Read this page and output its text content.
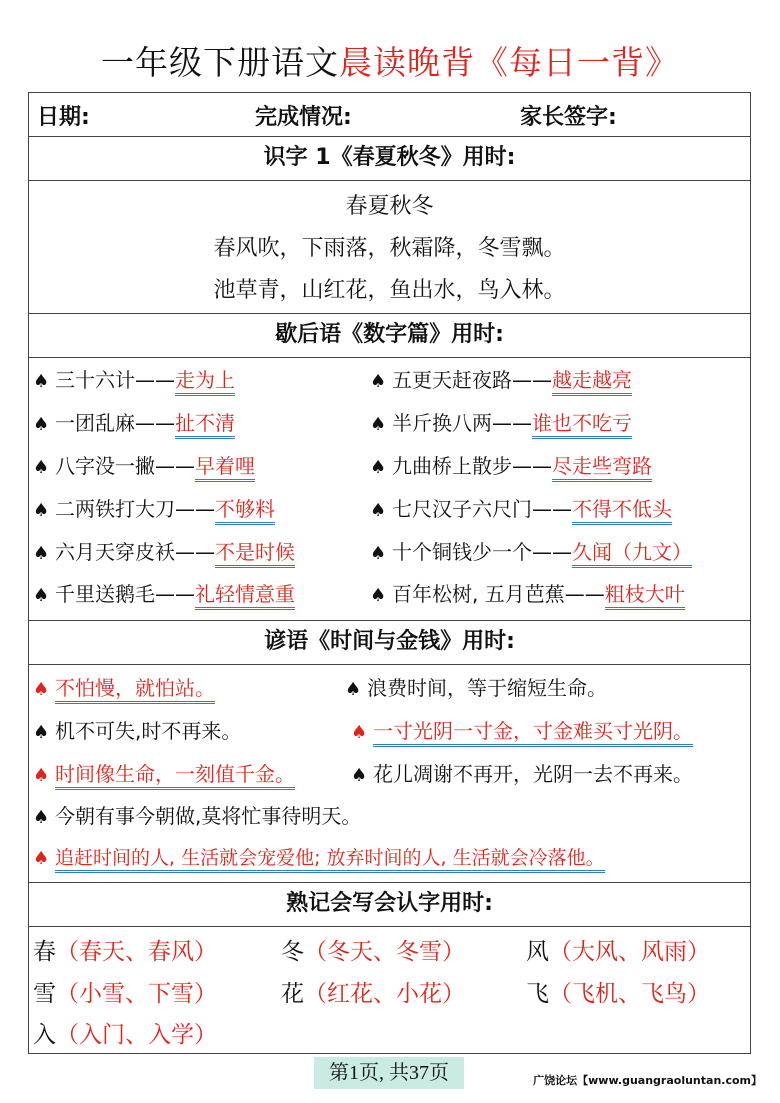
一年级下册语文晨读晚背《每日一背》
日期:	完成情况:	家长签字:
识字 1《春夏秋冬》用时:
春夏秋冬
春风吹，下雨落，秋霜降，冬雪飘。
池草青，山红花，鱼出水，鸟入林。
歇后语《数字篇》用时:
♠ 三十六计——走为上	♠ 五更天赶夜路——越走越亮
♠ 一团乱麻——扯不清	♠ 半斤换八两——谁也不吃亏
♠ 八字没一撇——早着哩	♠ 九曲桥上散步——尽走些弯路
♠ 二两铁打大刀——不够料	♠ 七尺汉子六尺门——不得不低头
♠ 六月天穿皮袄——不是时候	♠ 十个铜钱少一个——久闻（九文）
♠ 千里送鹅毛——礼轻情意重	♠ 百年松树, 五月芭蕉——粗枝大叶
谚语《时间与金钱》用时:
♠ 不怕慢，就怕站。	♠ 浪费时间，等于缩短生命。
♠ 机不可失,时不再来。	♠ 一寸光阴一寸金，寸金难买寸光阴。
♠ 时间像生命，一刻值千金。	♠ 花儿凋谢不再开，光阴一去不再来。
♠ 今朝有事今朝做,莫将忙事待明天。
♠ 追赶时间的人, 生活就会宠爱他; 放弃时间的人, 生活就会冷落他。
熟记会写会认字用时:
春（春天、春风）	冬（冬天、冬雪）	风（大风、风雨）
雪（小雪、下雪）	花（红花、小花）	飞（飞机、飞鸟）
入（入门、入学）
第1页, 共37页	广饶论坛【www.guangraoluntan.com】
